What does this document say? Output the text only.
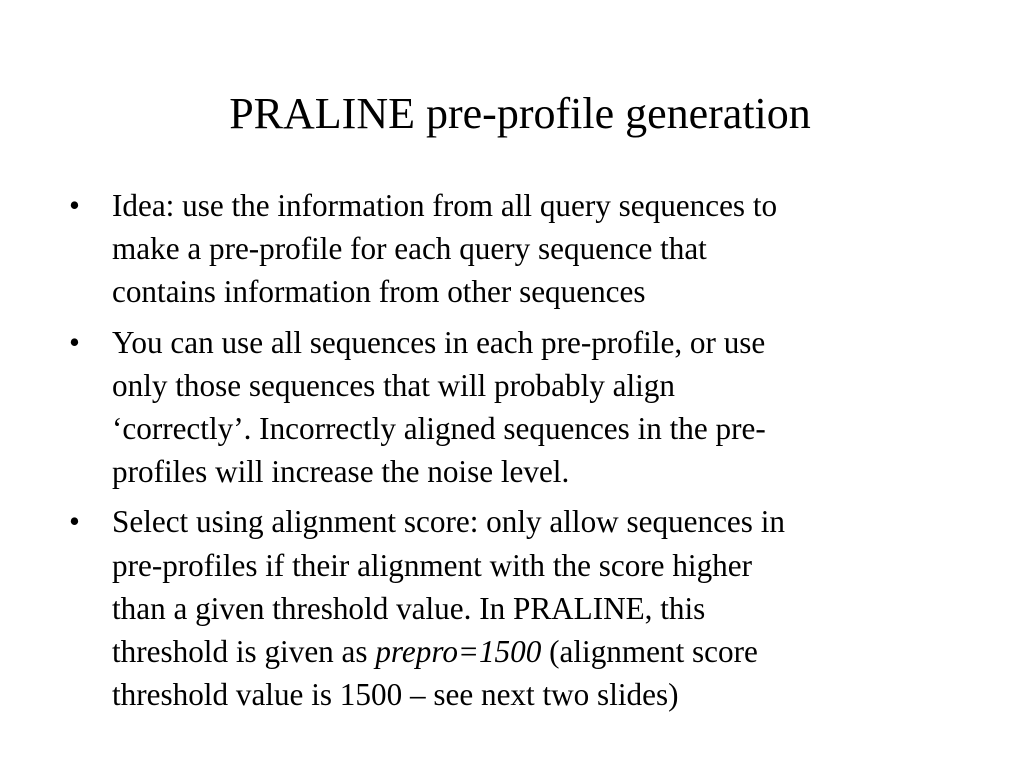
PRALINE pre-profile generation
•	Idea: use the information from all query sequences to
make a pre-profile for each query sequence that
contains information from other sequences
•	You can use all sequences in each pre-profile, or use
only those sequences that will probably align
‘correctly’. Incorrectly aligned sequences in the pre-
profiles will increase the noise level.
•	Select using alignment score: only allow sequences in
pre-profiles if their alignment with the score higher
than a given threshold value. In PRALINE, this
threshold is given as prepro=1500 (alignment score
threshold value is 1500 – see next two slides)
